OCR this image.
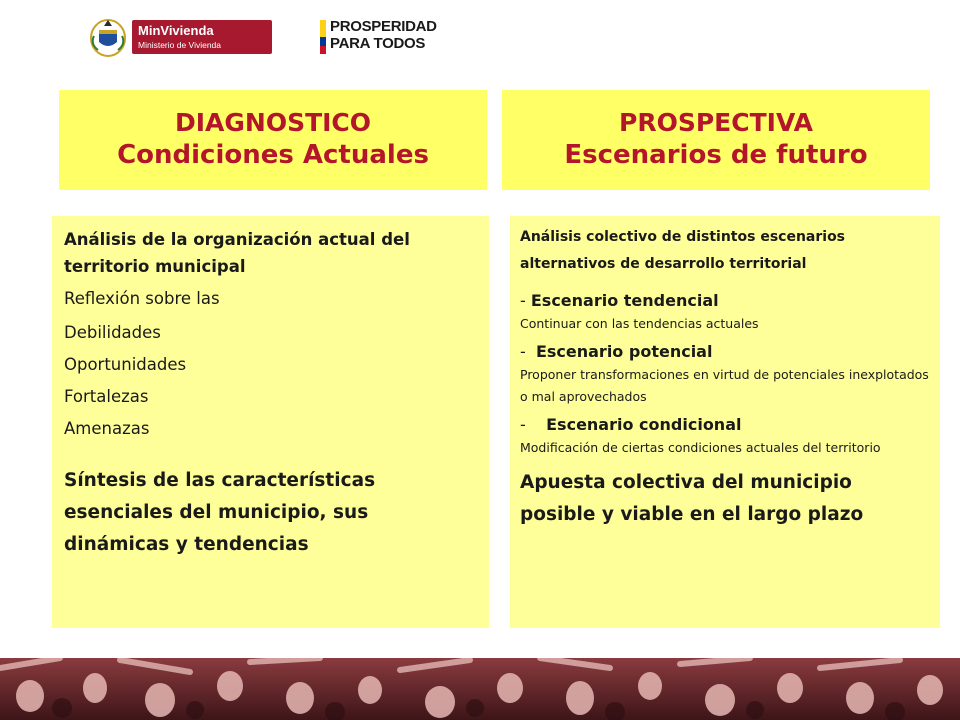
MinVivienda
Ministerio de Vivienda
PROSPERIDAD
PARA TODOS
DIAGNOSTICO
Condiciones Actuales
PROSPECTIVA
Escenarios de futuro
Análisis de la organización actual del territorio municipal
Reflexión sobre las
Debilidades
Oportunidades
Fortalezas
Amenazas
Síntesis de las características esenciales del municipio, sus dinámicas y tendencias
Análisis colectivo de distintos escenarios alternativos de desarrollo territorial
- Escenario tendencial
Continuar con las tendencias actuales
-  Escenario potencial
Proponer transformaciones en virtud de potenciales inexplotados o mal aprovechados
-    Escenario condicional
Modificación de ciertas condiciones actuales del territorio
Apuesta colectiva del municipio posible y viable en el largo plazo
